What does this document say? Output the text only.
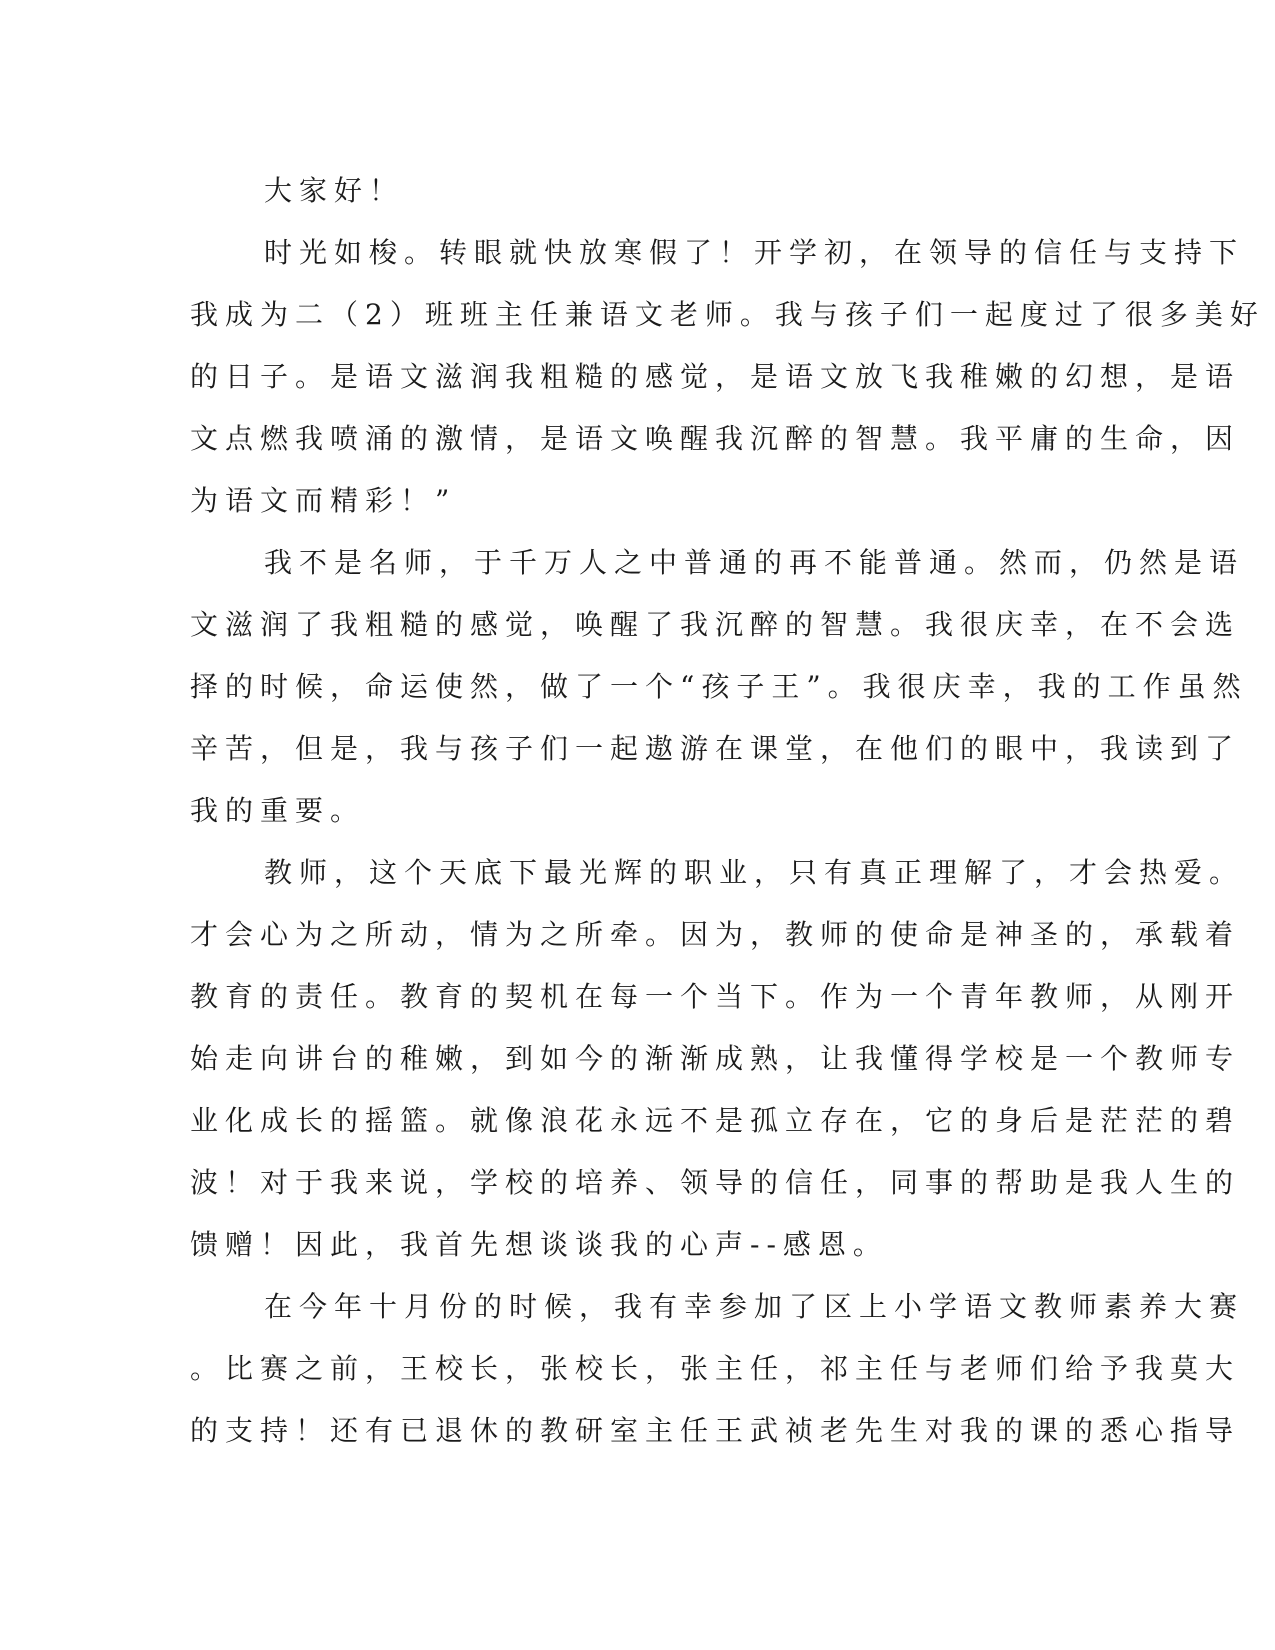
大家好！
时光如梭。转眼就快放寒假了！开学初，在领导的信任与支持下
我成为二（2）班班主任兼语文老师。我与孩子们一起度过了很多美好
的日子。是语文滋润我粗糙的感觉，是语文放飞我稚嫩的幻想，是语
文点燃我喷涌的激情，是语文唤醒我沉醉的智慧。我平庸的生命，因
为语文而精彩！”
我不是名师，于千万人之中普通的再不能普通。然而，仍然是语
文滋润了我粗糙的感觉，唤醒了我沉醉的智慧。我很庆幸，在不会选
择的时候，命运使然，做了一个“孩子王”。我很庆幸，我的工作虽然
辛苦，但是，我与孩子们一起遨游在课堂，在他们的眼中，我读到了
我的重要。
教师，这个天底下最光辉的职业，只有真正理解了，才会热爱。
才会心为之所动，情为之所牵。因为，教师的使命是神圣的，承载着
教育的责任。教育的契机在每一个当下。作为一个青年教师，从刚开
始走向讲台的稚嫩，到如今的渐渐成熟，让我懂得学校是一个教师专
业化成长的摇篮。就像浪花永远不是孤立存在，它的身后是茫茫的碧
波！对于我来说，学校的培养、领导的信任，同事的帮助是我人生的
馈赠！因此，我首先想谈谈我的心声--感恩。
在今年十月份的时候，我有幸参加了区上小学语文教师素养大赛
。比赛之前，王校长，张校长，张主任，祁主任与老师们给予我莫大
的支持！还有已退休的教研室主任王武祯老先生对我的课的悉心指导
